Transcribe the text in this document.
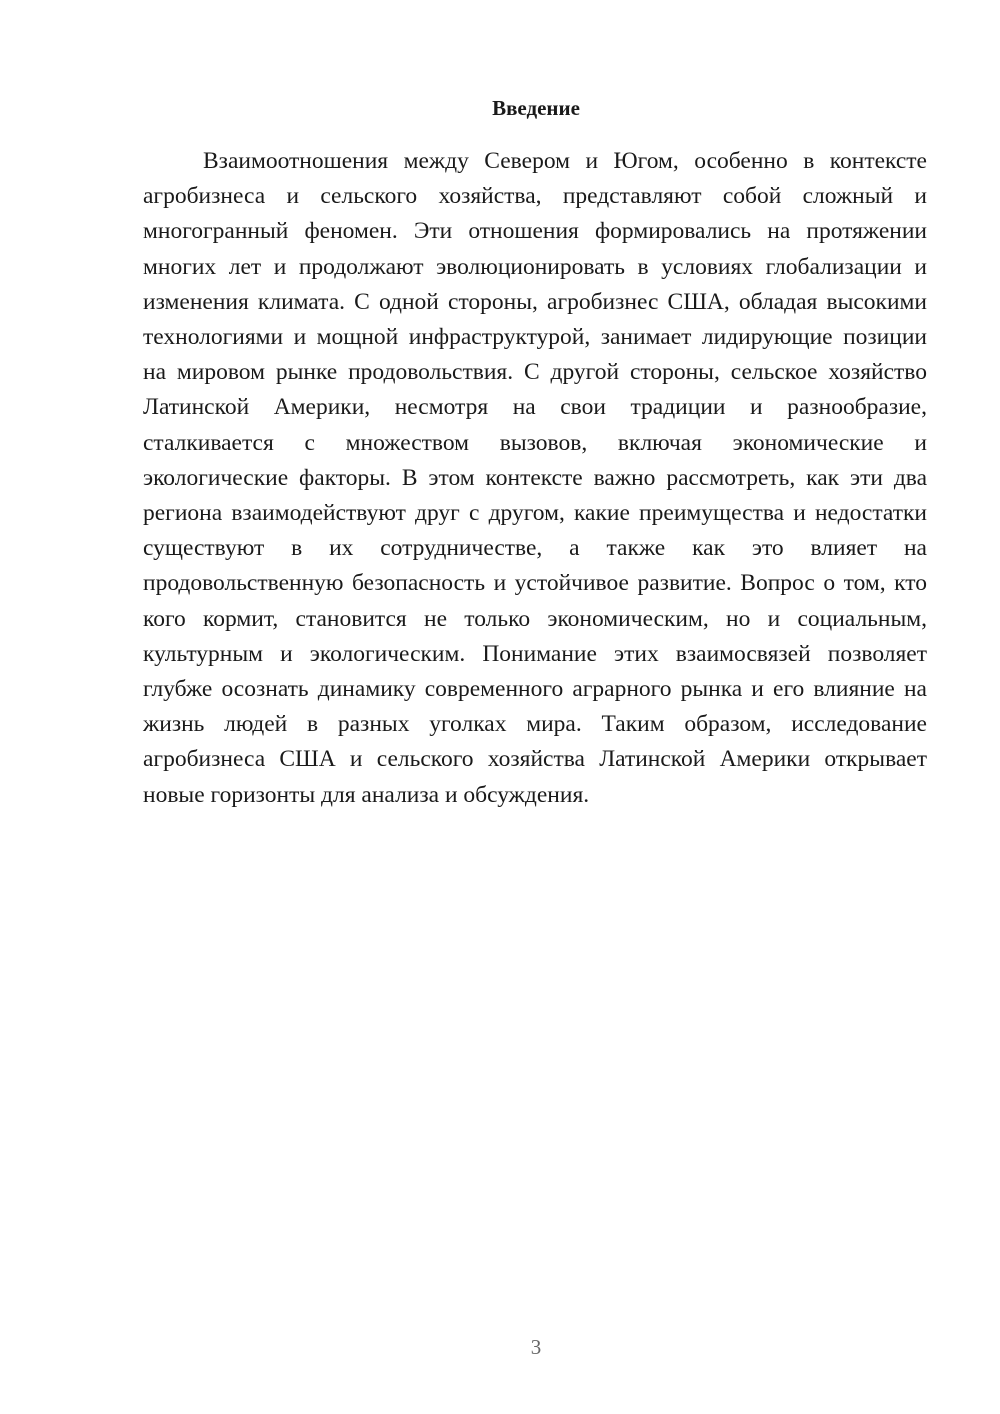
Введение

Взаимоотношения между Севером и Югом, особенно в контексте агробизнеса и сельского хозяйства, представляют собой сложный и многогранный феномен. Эти отношения формировались на протяжении многих лет и продолжают эволюционировать в условиях глобализации и изменения климата. С одной стороны, агробизнес США, обладая высокими технологиями и мощной инфраструктурой, занимает лидирующие позиции на мировом рынке продовольствия. С другой стороны, сельское хозяйство Латинской Америки, несмотря на свои традиции и разнообразие, сталкивается с множеством вызовов, включая экономические и экологические факторы. В этом контексте важно рассмотреть, как эти два региона взаимодействуют друг с другом, какие преимущества и недостатки существуют в их сотрудничестве, а также как это влияет на продовольственную безопасность и устойчивое развитие. Вопрос о том, кто кого кормит, становится не только экономическим, но и социальным, культурным и экологическим. Понимание этих взаимосвязей позволяет глубже осознать динамику современного аграрного рынка и его влияние на жизнь людей в разных уголках мира. Таким образом, исследование агробизнеса США и сельского хозяйства Латинской Америки открывает новые горизонты для анализа и обсуждения.

3
